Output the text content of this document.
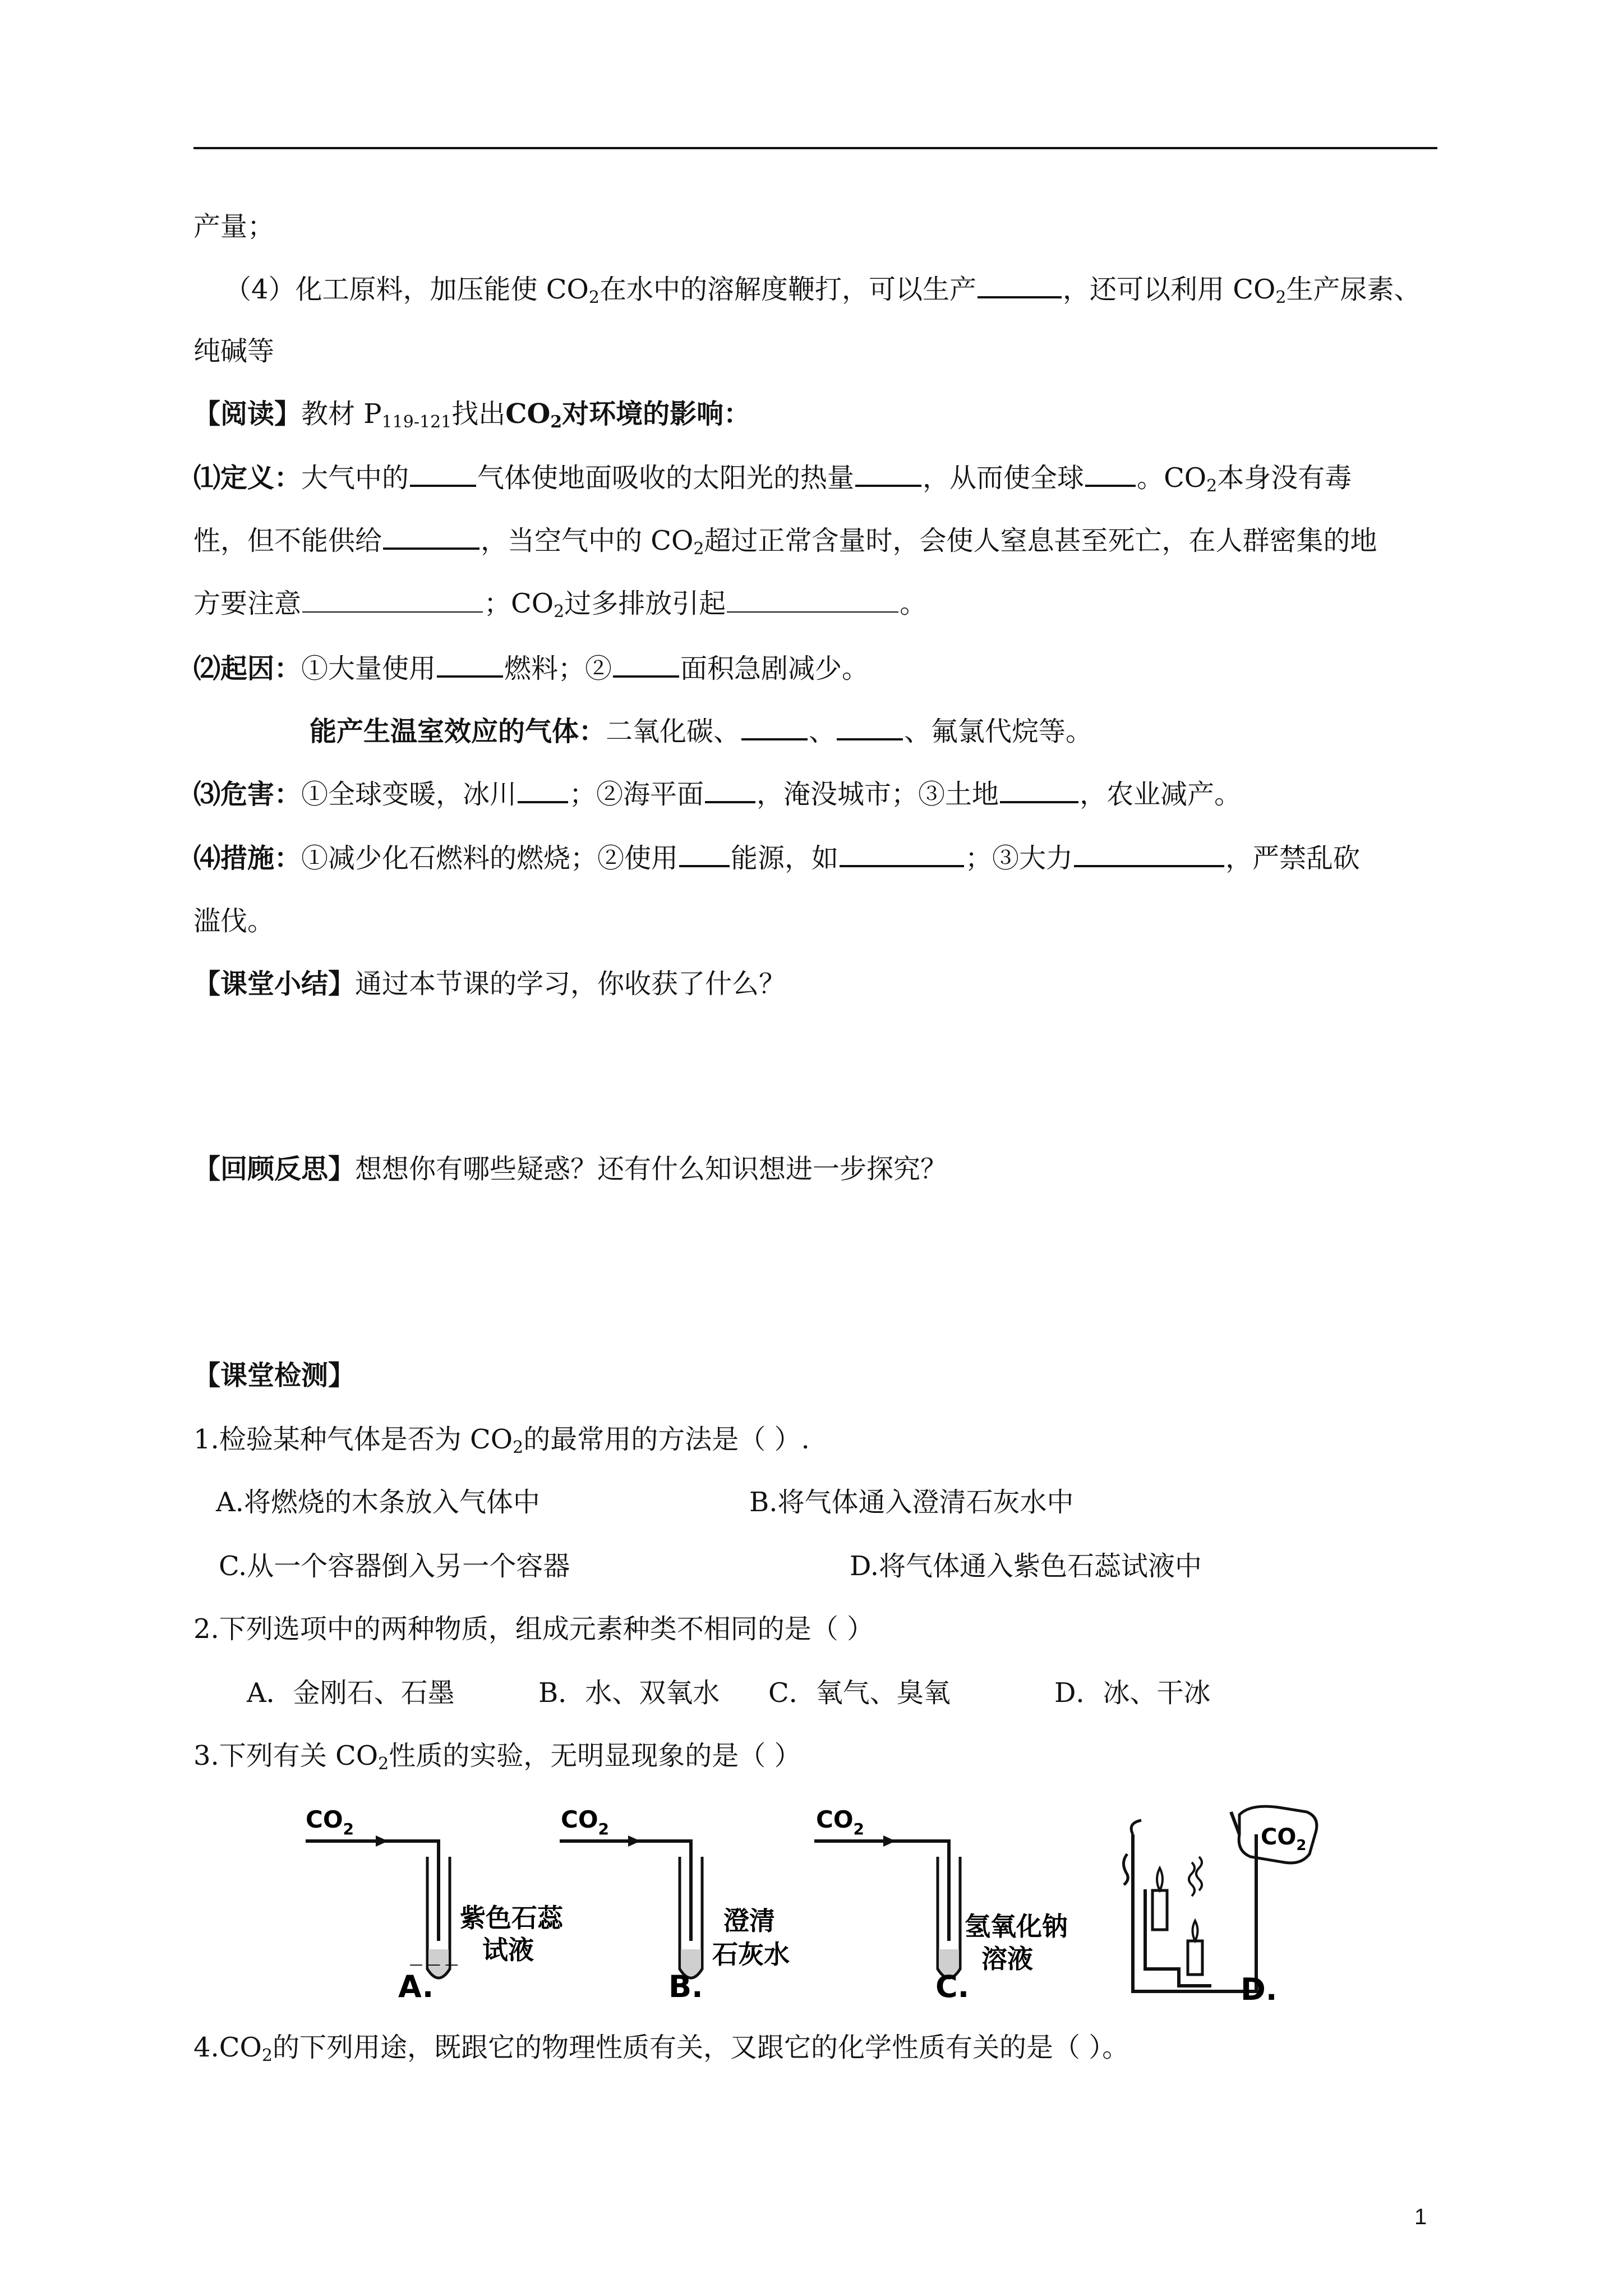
产量；
（4）化工原料，加压能使 $CO_2$在水中的溶解度鞭打，可以生产	，还可以利用 $CO_2$生产尿素、
纯碱等
【阅读】教材 $P_{119-121}$找出$CO_2$对环境的影响：
⑴定义：大气中的	气体使地面吸收的太阳光的热量	，从而使全球 。$CO_2$本身没有毒
性，但不能供给	，当空气中的 $CO_2$超过正常含量时，会使人窒息甚至死亡，在人群密集的地
方要注意	；$CO_2$过多排放引起	。
⑵起因：①大量使用	燃料；②	面积急剧减少。
能产生温室效应的气体：二氧化碳、	、	、氟氯代烷等。
⑶危害：①全球变暖，冰川 ；②海平面 ，淹没城市；③土地	，农业减产。
⑷措施：①减少化石燃料的燃烧；②使用 能源，如	；③大力	，严禁乱砍
滥伐。
【课堂小结】通过本节课的学习，你收获了什么？
【回顾反思】想想你有哪些疑惑？还有什么知识想进一步探究？
【课堂检测】
1.检验某种气体是否为 $CO_2$的最常用的方法是（ ）.
A.将燃烧的木条放入气体中	B.将气体通入澄清石灰水中
C.从一个容器倒入另一个容器	D.将气体通入紫色石蕊试液中
2.下列选项中的两种物质，组成元素种类不相同的是（ ）
A．金刚石、石墨	B．水、双氧水 C．氧气、臭氧	D．冰、干冰
3.下列有关 $CO_2$性质的实验，无明显现象的是（ ）
$CO_2$
— — —
紫色石蕊
试液
A.
$CO_2$
澄清
石灰水
B.
$CO_2$
氢氧化钠
溶液
C.
$CO_2$
D.
$4.CO_2$的下列用途，既跟它的物理性质有关，又跟它的化学性质有关的是（ ）。
1
